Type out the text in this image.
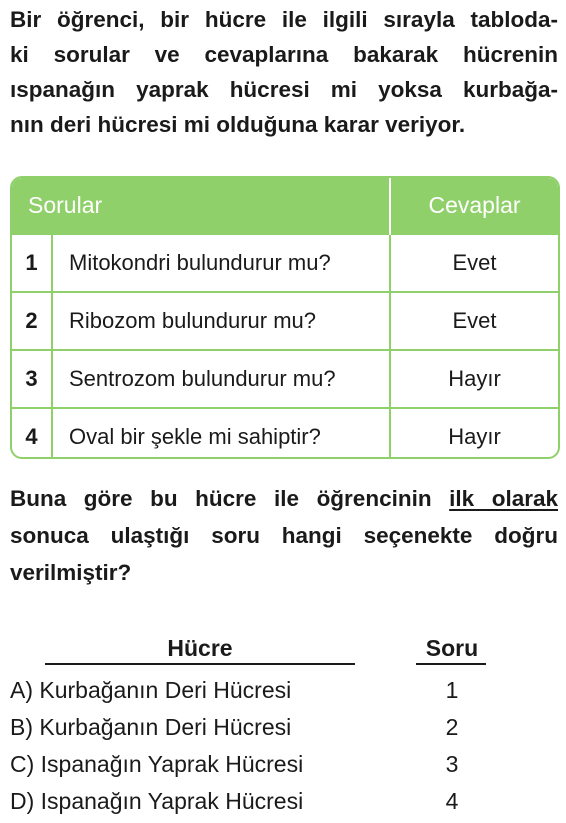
Bir öğrenci, bir hücre ile ilgili sırayla tabloda-
ki sorular ve cevaplarına bakarak hücrenin
ıspanağın yaprak hücresi mi yoksa kurbağa-
nın deri hücresi mi olduğuna karar veriyor.
Sorular		Cevaplar
1	Mitokondri bulundurur mu?	Evet
2	Ribozom bulundurur mu?	Evet
3	Sentrozom bulundurur mu?	Hayır
4	Oval bir şekle mi sahiptir?	Hayır
Buna göre bu hücre ile öğrencinin ilk olarak
sonuca ulaştığı soru hangi seçenekte doğru
verilmiştir?
Hücre	Soru
A) Kurbağanın Deri Hücresi	1
B) Kurbağanın Deri Hücresi	2
C) Ispanağın Yaprak Hücresi	3
D) Ispanağın Yaprak Hücresi	4
